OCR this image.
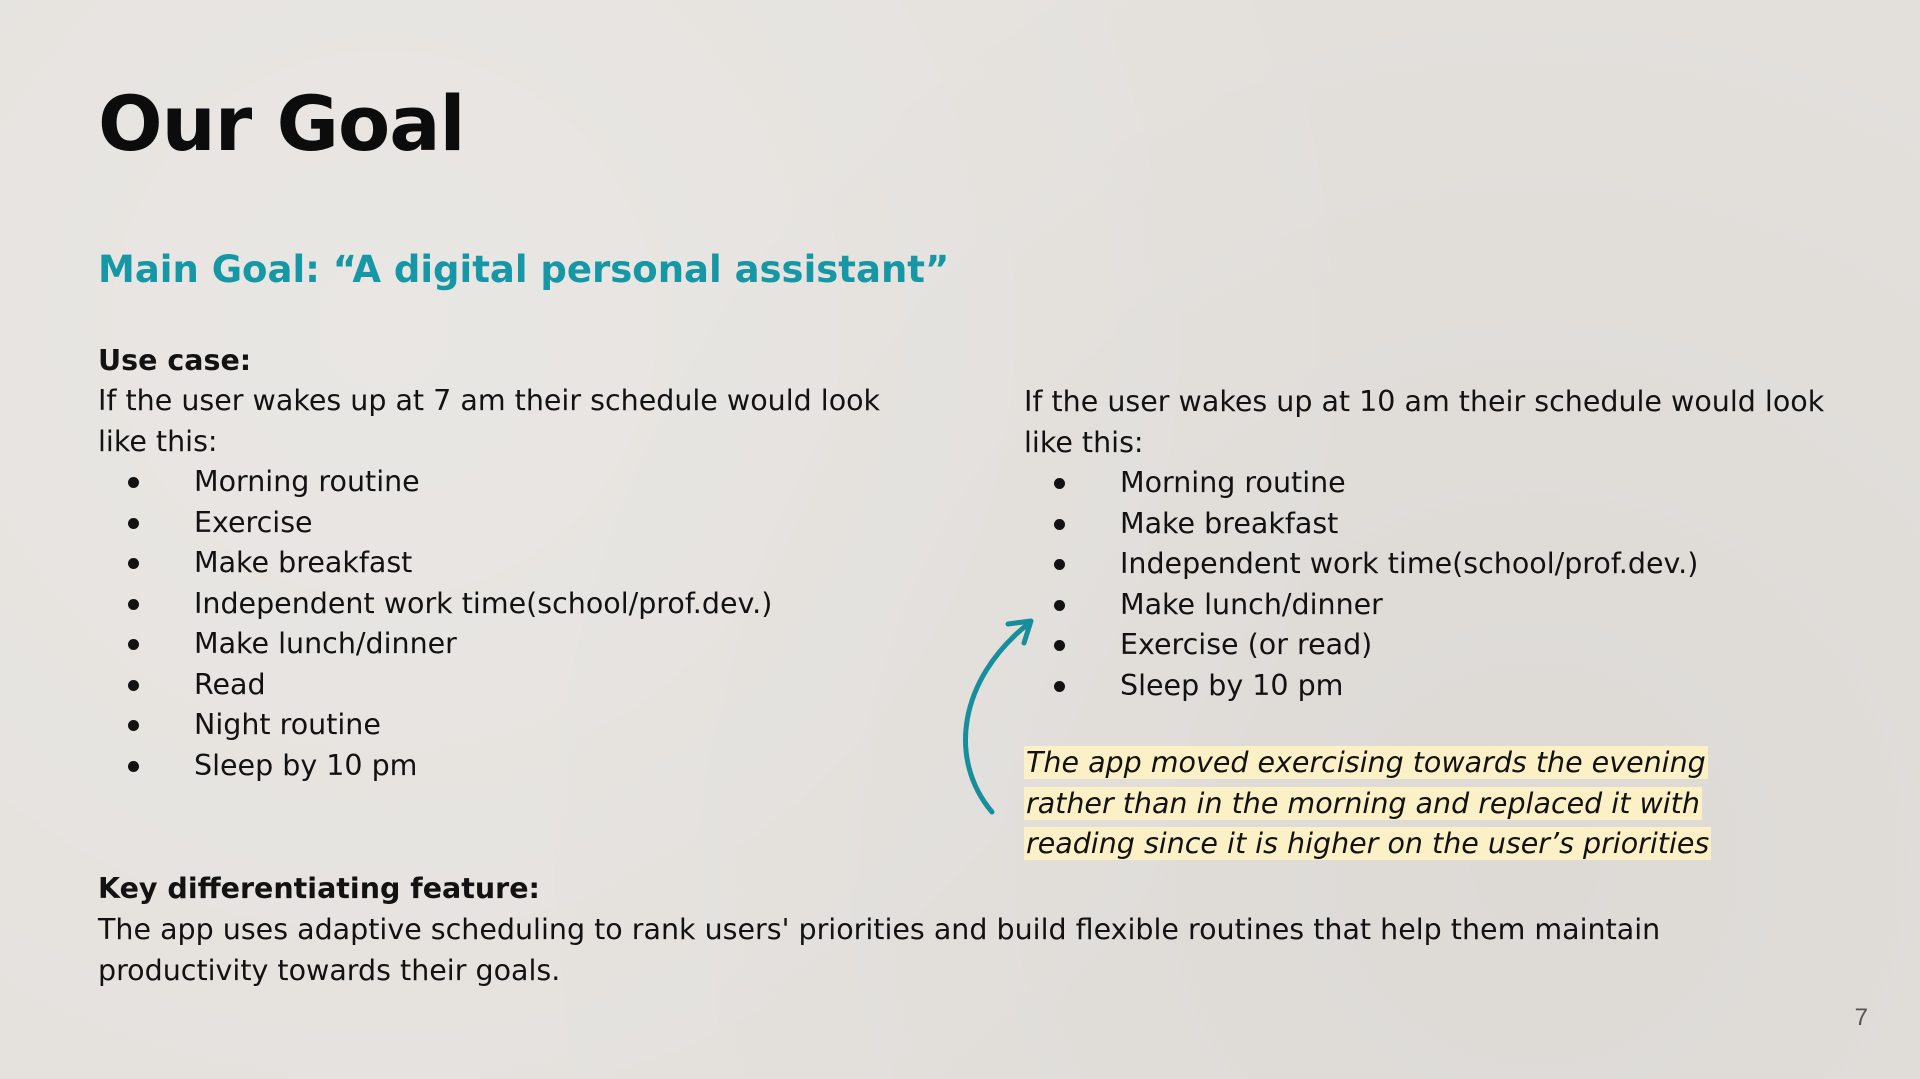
Our Goal
Main Goal: “A digital personal assistant”
Use case:

If the user wakes up at 7 am their schedule would look like this:

Morning routine
Exercise
Make breakfast
Independent work time(school/prof.dev.)
Make lunch/dinner
Read
Night routine
Sleep by 10 pm

If the user wakes up at 10 am their schedule would look like this:

Morning routine
Make breakfast
Independent work time(school/prof.dev.)
Make lunch/dinner
Exercise (or read)
Sleep by 10 pm
The app moved exercising towards the evening rather than in the morning and replaced it with reading since it is higher on the user’s priorities
Key differentiating feature:
The app uses adaptive scheduling to rank users' priorities and build flexible routines that help them maintain productivity towards their goals.
7
